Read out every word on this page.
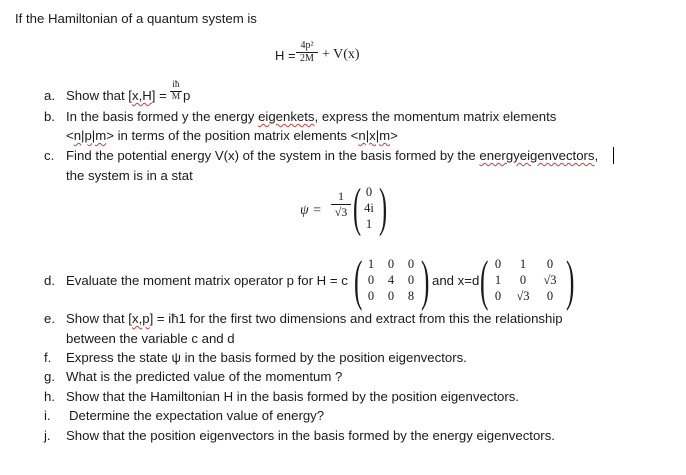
If the Hamiltonian of a quantum system is
$H = \frac{\text{4p²}}{2M} + V(x)$
a. Show that $[x,H] = \frac{iħ}{M}$ p
b. In the basis formed y the energy eigenkets, express the momentum matrix elements
<n|p|m> in terms of the position matrix elements <n|x|m>
c. Find the potential energy V(x) of the system in the basis formed by the energyeigenvectors,
the system is in a stat
$\psi = \frac{1}{√3}$ ( 0
4i
1 )
d. Evaluate the moment matrix operator p for H = c ( 1	0	0
0	4	0
0	0	8 ) and x=d ( 0	1	0
1	0	√3
0	√3	0 )
e. Show that [x,p] = iħ1 for the first two dimensions and extract from this the relationship
between the variable c and d
f. Express the state ψ in the basis formed by the position eigenvectors.
g. What is the predicted value of the momentum ?
h. Show that the Hamiltonian H in the basis formed by the position eigenvectors.
i. Determine the expectation value of energy?
j. Show that the position eigenvectors in the basis formed by the energy eigenvectors.
